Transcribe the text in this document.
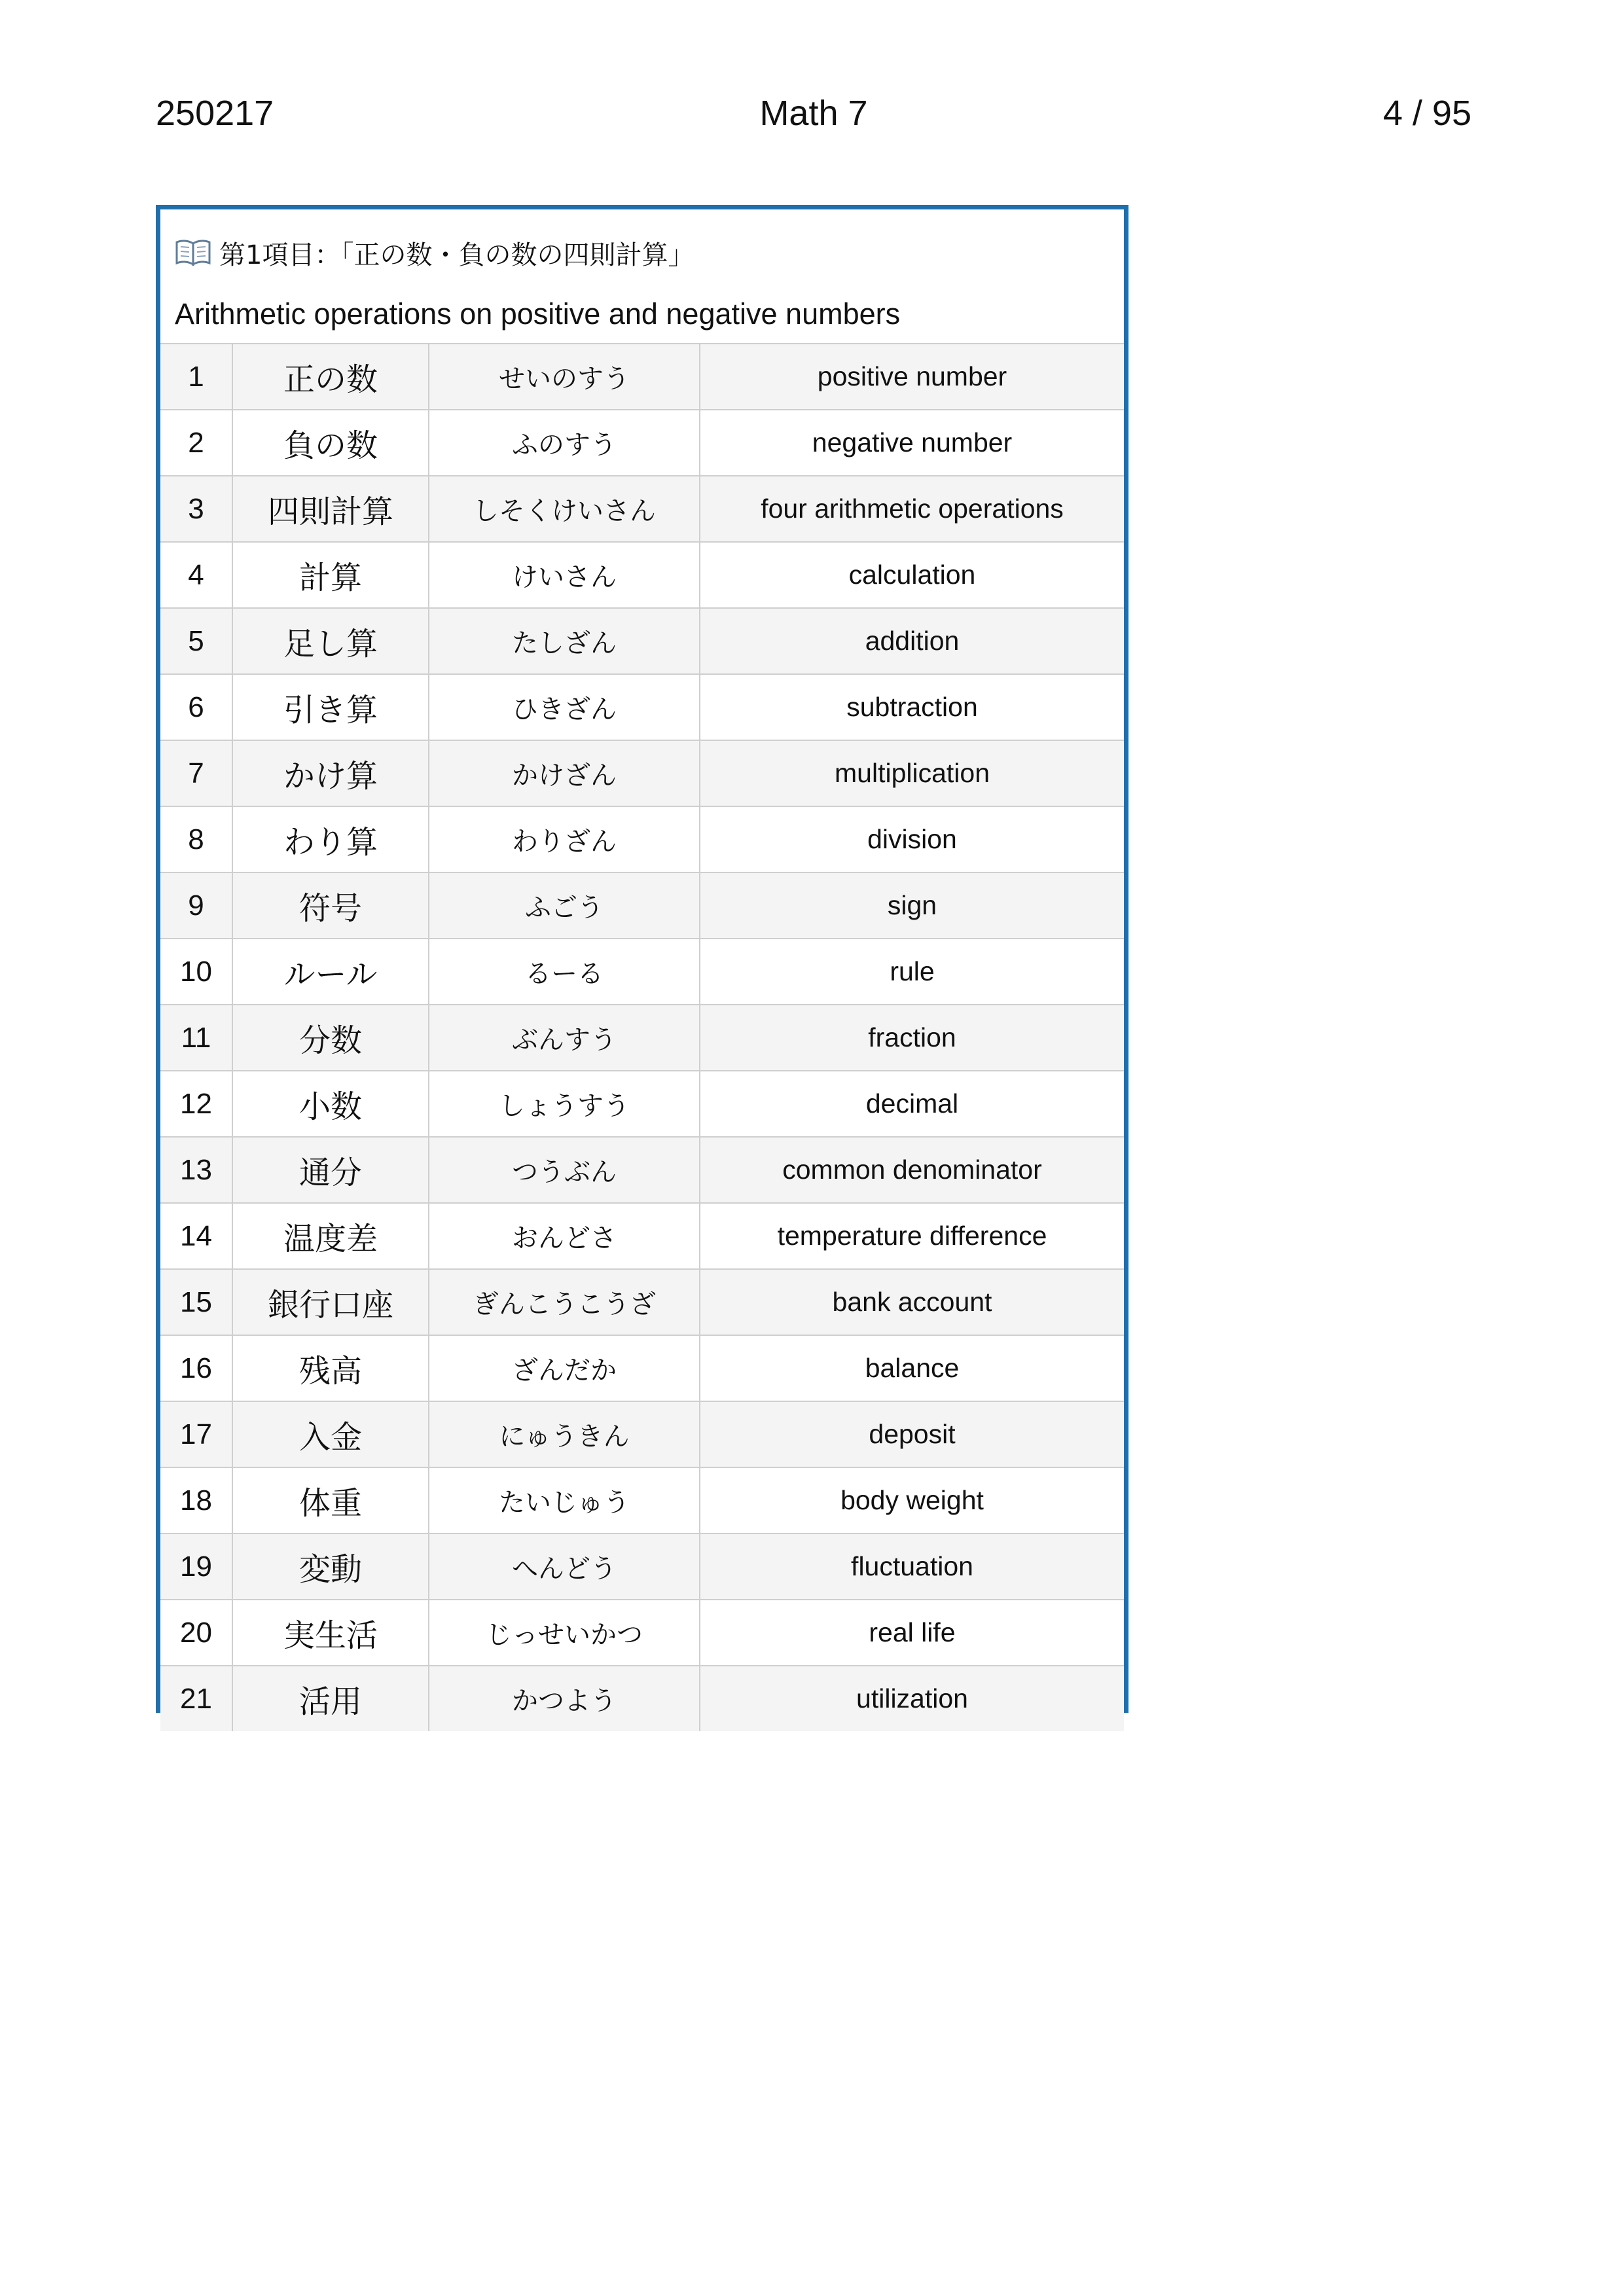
250217	Math 7	4 / 95
第1項目：「正の数・負の数の四則計算」
Arithmetic operations on positive and negative numbers
1	正の数	せいのすう	positive number
2	負の数	ふのすう	negative number
3	四則計算	しそくけいさん	four arithmetic operations
4	計算	けいさん	calculation
5	足し算	たしざん	addition
6	引き算	ひきざん	subtraction
7	かけ算	かけざん	multiplication
8	わり算	わりざん	division
9	符号	ふごう	sign
10	ルール	るーる	rule
11	分数	ぶんすう	fraction
12	小数	しょうすう	decimal
13	通分	つうぶん	common denominator
14	温度差	おんどさ	temperature difference
15	銀行口座	ぎんこうこうざ	bank account
16	残高	ざんだか	balance
17	入金	にゅうきん	deposit
18	体重	たいじゅう	body weight
19	変動	へんどう	fluctuation
20	実生活	じっせいかつ	real life
21	活用	かつよう	utilization
